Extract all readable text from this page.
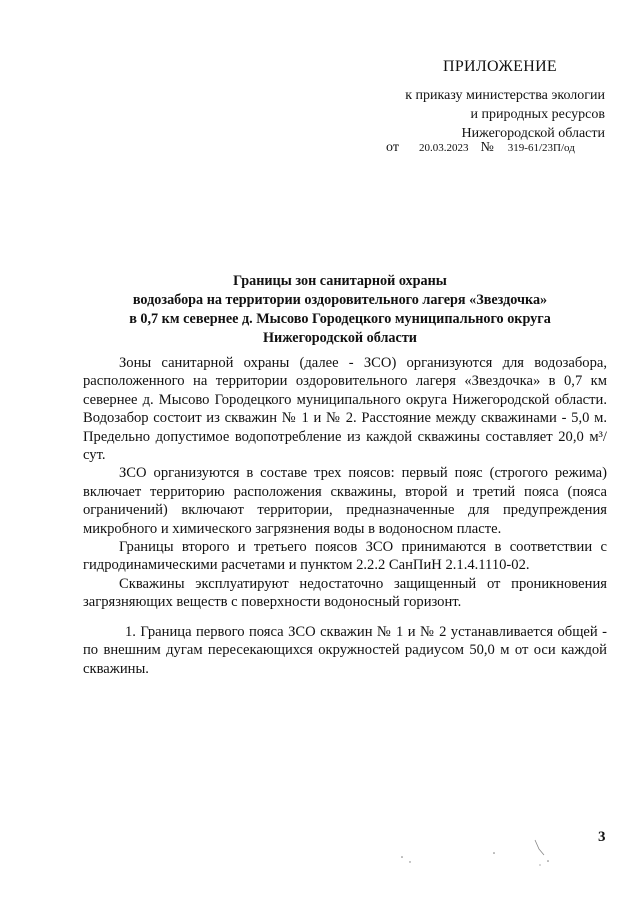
ПРИЛОЖЕНИЕ
к приказу министерства экологии
и природных ресурсов
Нижегородской области
от 20.03.2023 № 319-61/23П/од
Границы зон санитарной охраны
водозабора на территории оздоровительного лагеря «Звездочка»
в 0,7 км севернее д. Мысово Городецкого муниципального округа
Нижегородской области

Зоны санитарной охраны (далее - ЗСО) организуются для водозабора, расположенного на территории оздоровительного лагеря «Звездочка» в 0,7 км севернее д. Мысово Городецкого муниципального округа Нижегородской области. Водозабор состоит из скважин № 1 и № 2. Расстояние между скважинами - 5,0 м. Предельно допустимое водопотребление из каждой скважины составляет 20,0 м³/сут.

ЗСО организуются в составе трех поясов: первый пояс (строгого режима) включает территорию расположения скважины, второй и третий пояса (пояса ограничений) включают территории, предназначенные для предупреждения микробного и химического загрязнения воды в водоносном пласте.

Границы второго и третьего поясов ЗСО принимаются в соответствии с гидродинамическими расчетами и пунктом 2.2.2 СанПиН 2.1.4.1110-02.

Скважины эксплуатируют недостаточно защищенный от проникновения загрязняющих веществ с поверхности водоносный горизонт.

1. Граница первого пояса ЗСО скважин № 1 и № 2 устанавливается общей - по внешним дугам пересекающихся окружностей радиусом 50,0 м от оси каждой скважины.

3
